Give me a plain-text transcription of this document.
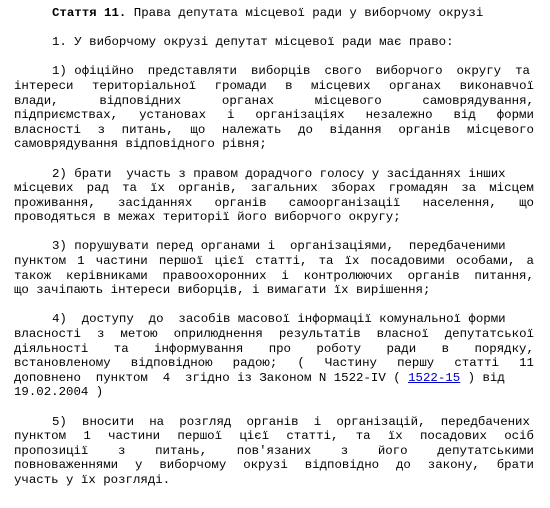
Стаття 11. Права депутата місцевої ради у виборчому окрузі
1. У виборчому окрузі депутат місцевої ради має право:
1) офіційно представляти виборців свого виборчого округу та
інтереси територіальної громади в місцевих органах виконавчої
влади,	відповідних	органах	місцевого	самоврядування,
підприємствах, установах і організаціях незалежно від форми
власності з питань, що належать до відання органів місцевого
самоврядування відповідного рівня;
2) брати  участь з правом дорадчого голосу у засіданнях інших
місцевих рад та їх органів, загальних зборах громадян за місцем
проживання, засіданнях органів самоорганізації населення, що
проводяться в межах території його виборчого округу;
3) порушувати перед органами і  організаціями,  передбаченими
пунктом 1 частини першої цієї статті, та їх посадовими особами, а
також керівниками правоохоронних і контролюючих органів питання,
що зачіпають інтереси виборців, і вимагати їх вирішення;
4)  доступу  до  засобів масової інформації комунальної форми
власності з метою оприлюднення результатів власної депутатської
діяльності та інформування про роботу ради в порядку,
встановленому відповідною радою; ( Частину першу статті 11
доповнено  пунктом  4  згідно із Законом N 1522-IV ( 1522-15 ) від
19.02.2004 )
5) вносити на розгляд органів і організацій, передбачених
пунктом 1 частини першої цієї статті, та їх посадових осіб
пропозиції з питань, пов'язаних з його депутатськими
повноваженнями у виборчому окрузі відповідно до закону, брати
участь у їх розгляді.
